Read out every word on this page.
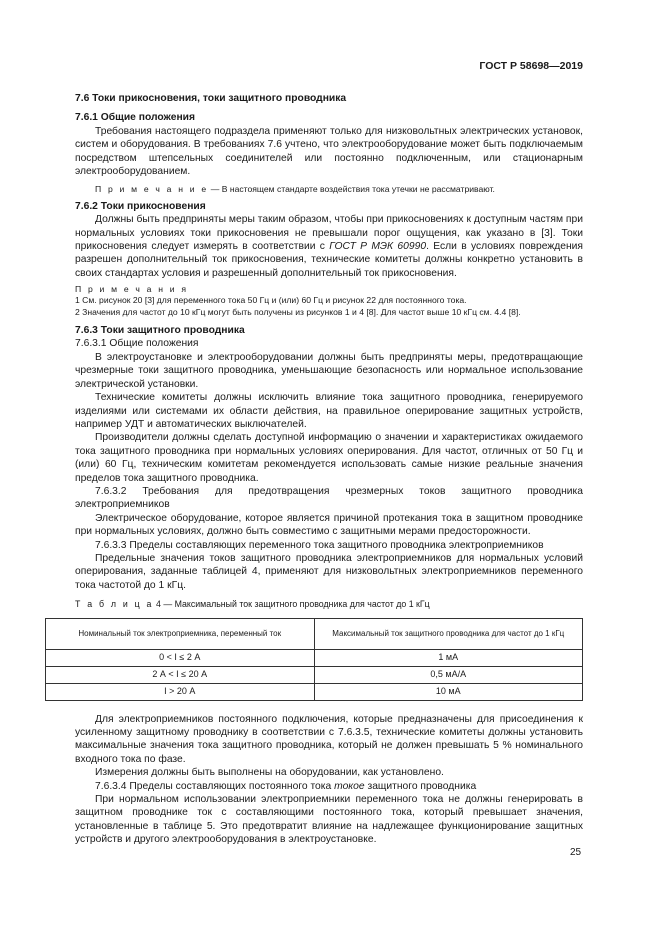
ГОСТ Р 58698—2019

7.6 Токи прикосновения, токи защитного проводника

7.6.1 Общие положения

Требования настоящего подраздела применяют только для низковольтных электрических установок, систем и оборудования. В требованиях 7.6 учтено, что электрооборудование может быть подключаемым посредством штепсельных соединителей или постоянно подключенным, или стационарным электрооборудованием.

П р и м е ч а н и е — В настоящем стандарте воздействия тока утечки не рассматривают.

7.6.2 Токи прикосновения

Должны быть предприняты меры таким образом, чтобы при прикосновениях к доступным частям при нормальных условиях токи прикосновения не превышали порог ощущения, как указано в [3]. Токи прикосновения следует измерять в соответствии с ГОСТ Р МЭК 60990. Если в условиях повреждения разрешен дополнительный ток прикосновения, технические комитеты должны конкретно установить в своих стандартах условия и разрешенный дополнительный ток прикосновения.

П р и м е ч а н и я

1 См. рисунок 20 [3] для переменного тока 50 Гц и (или) 60 Гц и рисунок 22 для постоянного тока.

2 Значения для частот до 10 кГц могут быть получены из рисунков 1 и 4 [8]. Для частот выше 10 кГц см. 4.4 [8].

7.6.3 Токи защитного проводника

7.6.3.1 Общие положения

В электроустановке и электрооборудовании должны быть предприняты меры, предотвращающие чрезмерные токи защитного проводника, уменьшающие безопасность или нормальное использование электрической установки.

Технические комитеты должны исключить влияние тока защитного проводника, генерируемого изделиями или системами их области действия, на правильное оперирование защитных устройств, например УДТ и автоматических выключателей.

Производители должны сделать доступной информацию о значении и характеристиках ожидаемого тока защитного проводника при нормальных условиях оперирования. Для частот, отличных от 50 Гц и (или) 60 Гц, техническим комитетам рекомендуется использовать самые низкие реальные значения пределов тока защитного проводника.

7.6.3.2 Требования для предотвращения чрезмерных токов защитного проводника электроприемников

Электрическое оборудование, которое является причиной протекания тока в защитном проводнике при нормальных условиях, должно быть совместимо с защитными мерами предосторожности.

7.6.3.3 Пределы составляющих переменного тока защитного проводника электроприемников

Предельные значения токов защитного проводника электроприемников для нормальных условий оперирования, заданные таблицей 4, применяют для низковольтных электроприемников переменного тока частотой до 1 кГц.

Т а б л и ц а 4 — Максимальный ток защитного проводника для частот до 1 кГц

Номинальный ток электроприемника, переменный ток	Максимальный ток защитного проводника для частот до 1 кГц
0 < I ≤ 2 А	1 мА
2 А < I ≤ 20 А	0,5 мА/А
I > 20 А	10 мА

Для электроприемников постоянного подключения, которые предназначены для присоединения к усиленному защитному проводнику в соответствии с 7.6.3.5, технические комитеты должны установить максимальные значения тока защитного проводника, который не должен превышать 5 % номинального входного тока по фазе.

Измерения должны быть выполнены на оборудовании, как установлено.

7.6.3.4 Пределы составляющих постоянного тока токое защитного проводника

При нормальном использовании электроприемники переменного тока не должны генерировать в защитном проводнике ток с составляющими постоянного тока, который превышает значения, установленные в таблице 5. Это предотвратит влияние на надлежащее функционирование защитных устройств и другого электрооборудования в электроустановке.

25
